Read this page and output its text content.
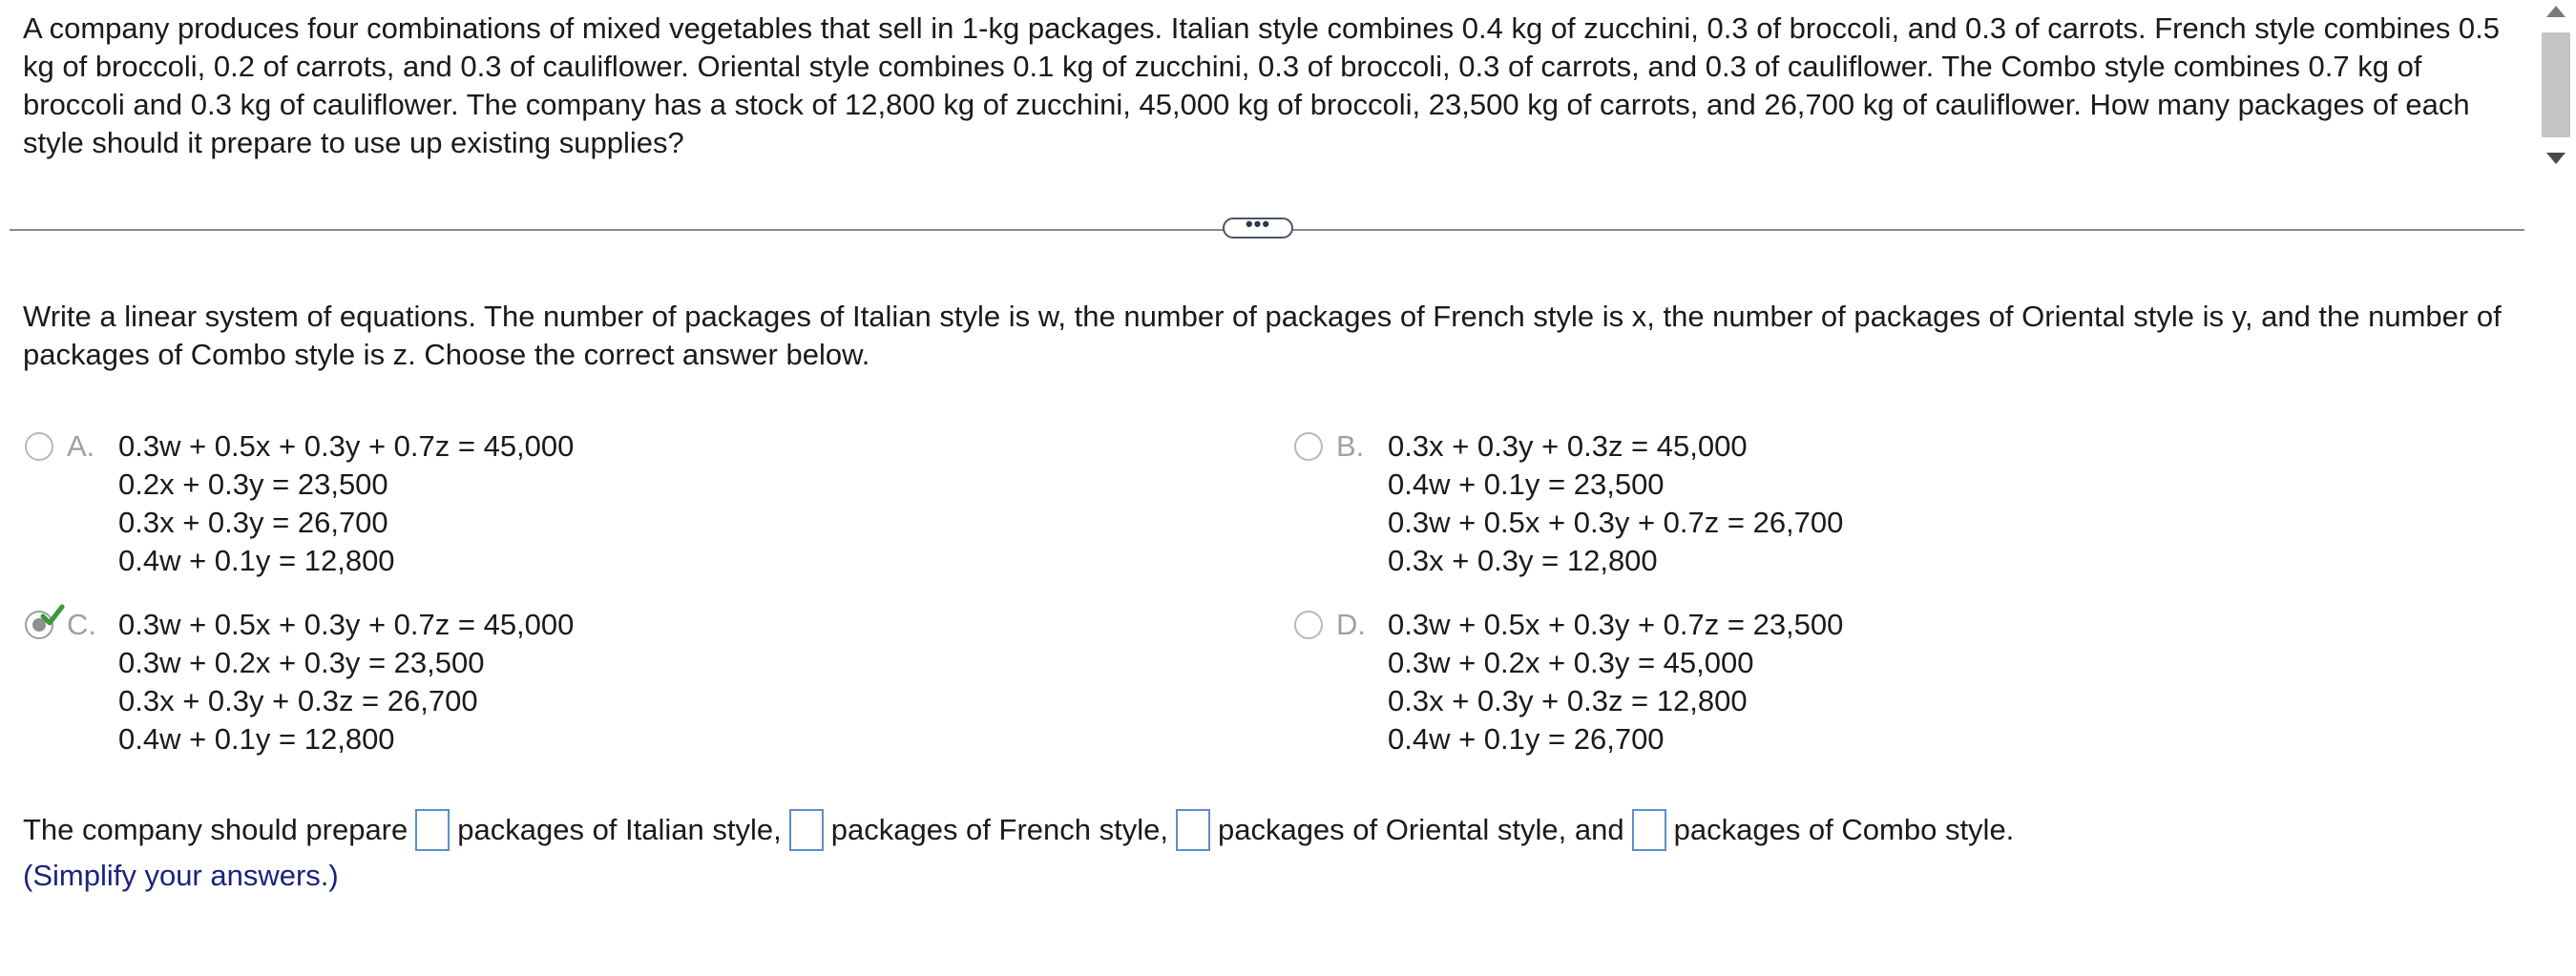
A company produces four combinations of mixed vegetables that sell in 1-kg packages. Italian style combines 0.4 kg of zucchini, 0.3 of broccoli, and 0.3 of carrots. French style combines 0.5 kg of broccoli, 0.2 of carrots, and 0.3 of cauliflower. Oriental style combines 0.1 kg of zucchini, 0.3 of broccoli, 0.3 of carrots, and 0.3 of cauliflower. The Combo style combines 0.7 kg of broccoli and 0.3 kg of cauliflower. The company has a stock of 12,800 kg of zucchini, 45,000 kg of broccoli, 23,500 kg of carrots, and 26,700 kg of cauliflower. How many packages of each style should it prepare to use up existing supplies?

•••

Write a linear system of equations. The number of packages of Italian style is w, the number of packages of French style is x, the number of packages of Oriental style is y, and the number of packages of Combo style is z. Choose the correct answer below.

A. 0.3w + 0.5x + 0.3y + 0.7z = 45,000
0.2x + 0.3y = 23,500
0.3x + 0.3y = 26,700
0.4w + 0.1y = 12,800
B. 0.3x + 0.3y + 0.3z = 45,000
0.4w + 0.1y = 23,500
0.3w + 0.5x + 0.3y + 0.7z = 26,700
0.3x + 0.3y = 12,800
C. 0.3w + 0.5x + 0.3y + 0.7z = 45,000
0.3w + 0.2x + 0.3y = 23,500
0.3x + 0.3y + 0.3z = 26,700
0.4w + 0.1y = 12,800
D. 0.3w + 0.5x + 0.3y + 0.7z = 23,500
0.3w + 0.2x + 0.3y = 45,000
0.3x + 0.3y + 0.3z = 12,800
0.4w + 0.1y = 26,700
The company should prepare packages of Italian style, packages of French style, packages of Oriental style, and packages of Combo style.
(Simplify your answers.)
